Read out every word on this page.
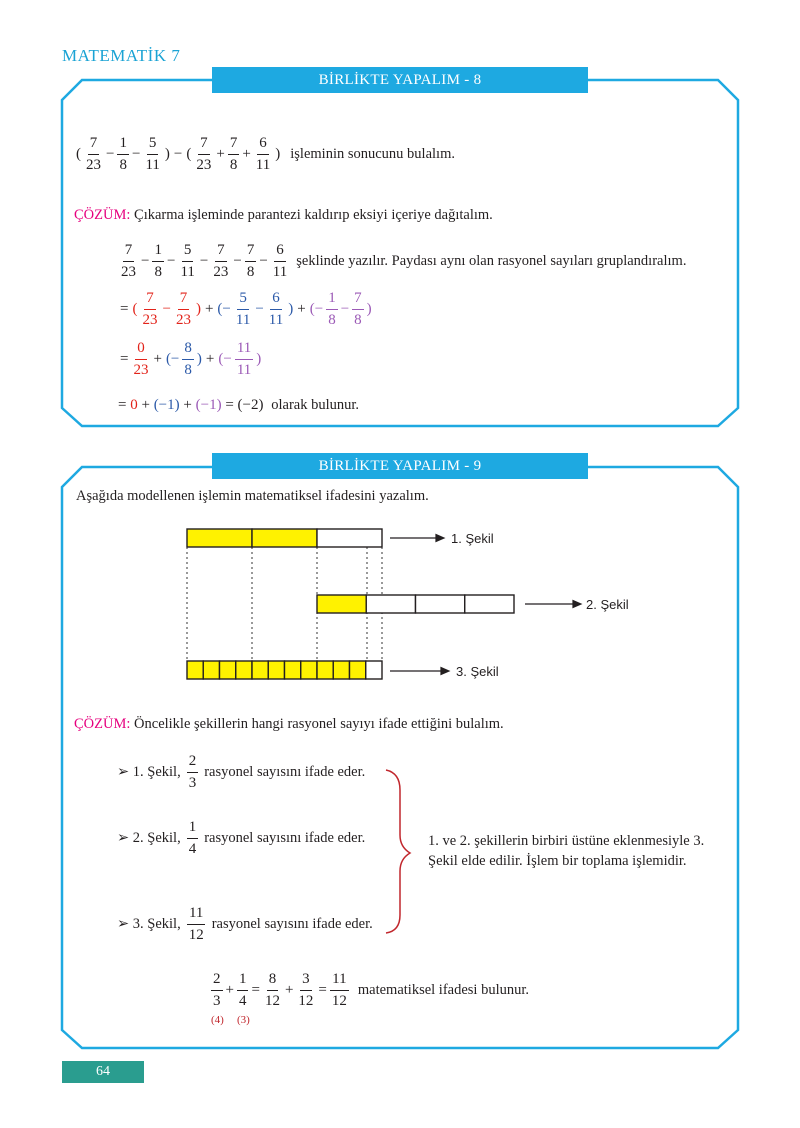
MATEMATİK 7
BİRLİKTE YAPALIM - 8
(
7
23
− $\frac{1}{8} - \frac{5}{11}$ ) − (
7
23
+ $\frac{7}{8} + \frac{6}{11}$ ) işleminin sonucunu bulalım.
ÇÖZÜM: Çıkarma işleminde parantezi kaldırıp eksiyi içeriye dağıtalım.
7
23
− $\frac{1}{8} - \frac{5}{11} - \frac{7}{23} - \frac{7}{8} - \frac{6}{11}$ şeklinde yazılır. Paydası aynı olan rasyonel sayıları gruplandıralım.
= (
7
23
− $\frac{7}{23}$ ) + (− $\frac{5}{11} - \frac{6}{11}$ ) + (− $\frac{1}{8} - \frac{7}{8}$ )
= $\frac{0}{23}$ + (− $\frac{8}{8}$ ) + (− $\frac{11}{11}$ )
= 0 + (−1) + (−1) = (−2) olarak bulunur.
BİRLİKTE YAPALIM - 9
Aşağıda modellenen işlemin matematiksel ifadesini yazalım.
1. Şekil
2. Şekil
3. Şekil
ÇÖZÜM: Öncelikle şekillerin hangi rasyonel sayıyı ifade ettiğini bulalım.
➢ 1. Şekil,
2
3
rasyonel sayısını ifade eder.
➢ 2. Şekil,
1
4
rasyonel sayısını ifade eder.
➢ 3. Şekil,
11
12
rasyonel sayısını ifade eder.
1. ve 2. şekillerin birbiri üstüne eklenmesiyle 3.
Şekil elde edilir. İşlem bir toplama işlemidir.
2
3
+ $\frac{1}{4} = \frac{8}{12} + \frac{3}{12} = \frac{11}{12}$ matematiksel ifadesi bulunur.
(4) (3)
64
